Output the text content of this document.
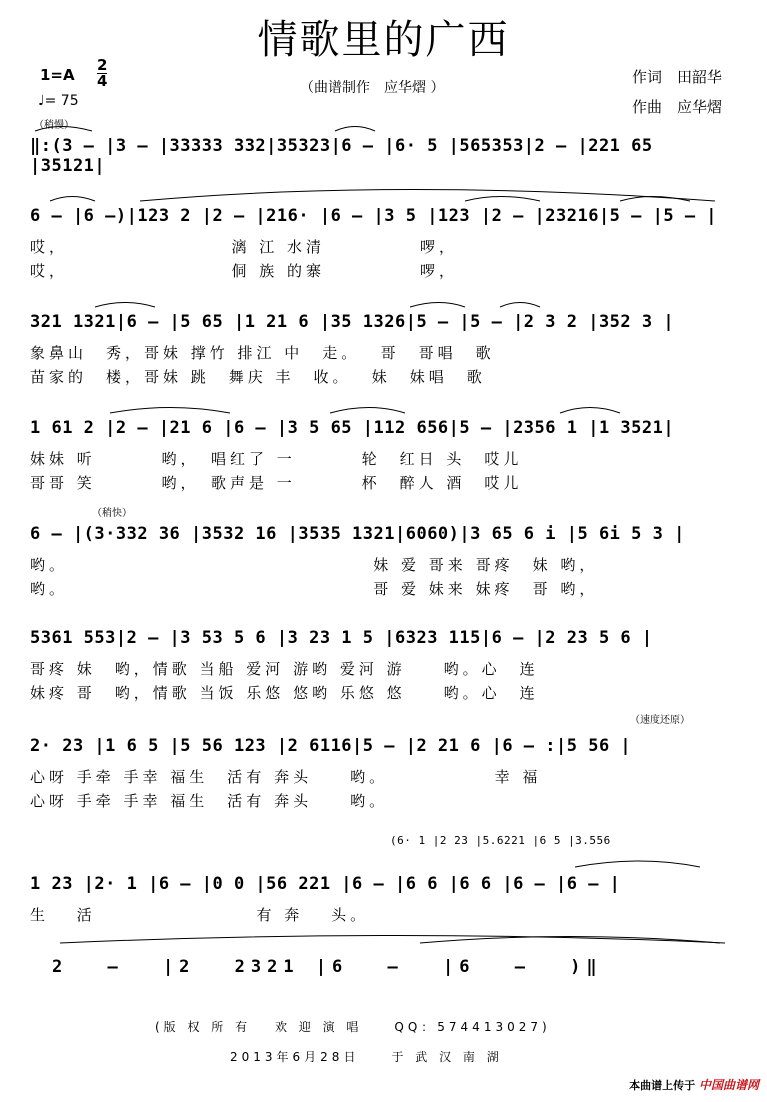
情歌里的广西
1=A
2
4
♩= 75
（曲谱制作　应华熠 ）
作词　田韶华
作曲　应华熠
（稍慢）
（稍快）
（速度还原）
‖:(3 – |3 – |33333 332|35323|6 – |6· 5 |565353|2 – |221 65 |35121|
6 – |6 –)|123 2 |2 – |216· |6 – |3 5 |123 |2 – |23216|5 – |5 – |
哎，　　　　　　　　　漓 江 水清　　　　　啰，
哎，　　　　　　　　　侗 族 的寨　　　　　啰，
321 1321|6 – |5 65 |1 21 6 |35 1326|5 – |5 – |2 3 2 |352 3 |
象鼻山　秀，哥妹 撑竹 排江 中　走。　 哥　哥唱　歌
苗家的　楼，哥妹 跳　舞庆 丰　收。　 妹　妹唱　歌
1 61 2 |2 – |21 6 |6 – |3 5 65 |112 656|5 – |2356 1 |1 3521|
妹妹 听　　　 哟，　唱红了 一　　　 轮　红日 头　哎儿
哥哥 笑　　　 哟，　歌声是 一　　　 杯　醉人 酒　哎儿
6 – |(3·332 36 |3532 16 |3535 1321|6060)|3 65 6 i |5 6i 5 3 |
哟。　　　　　　　　　　　　　　　　 妹 爱 哥来 哥疼　妹 哟，
哟。　　　　　　　　　　　　　　　　 哥 爱 妹来 妹疼　哥 哟，
5361 553|2 – |3 53 5 6 |3 23 1 5 |6323 115|6 – |2 23 5 6 |
哥疼 妹　哟，情歌 当船 爱河 游哟 爱河 游　　哟。心　连
妹疼 哥　哟，情歌 当饭 乐悠 悠哟 乐悠 悠　　哟。心　连
2· 23 |1 6 5 |5 56 123 |2 6116|5 – |2 21 6 |6 – :|5 56 |
心呀 手牵 手幸 福生　活有 奔头　　哟。　　　　　　幸 福
心呀 手牵 手幸 福生　活有 奔头　　哟。
(6· 1 |2 23 |5.6221 |6 5 |3.556
1 23 |2· 1 |6 – |0 0 |56 221 |6 – |6 6 |6 6 |6 – |6 – |
生　 活　　　　　　　　 有 奔　 头。
2　 –　 |2　 2321 |6　 –　 |6　 –　 )‖
(版 权 所 有　 欢 迎 演 唱　　QQ：574413027)
2013年6月28日　　于 武 汉 南 湖
本曲谱上传于 中国曲谱网
